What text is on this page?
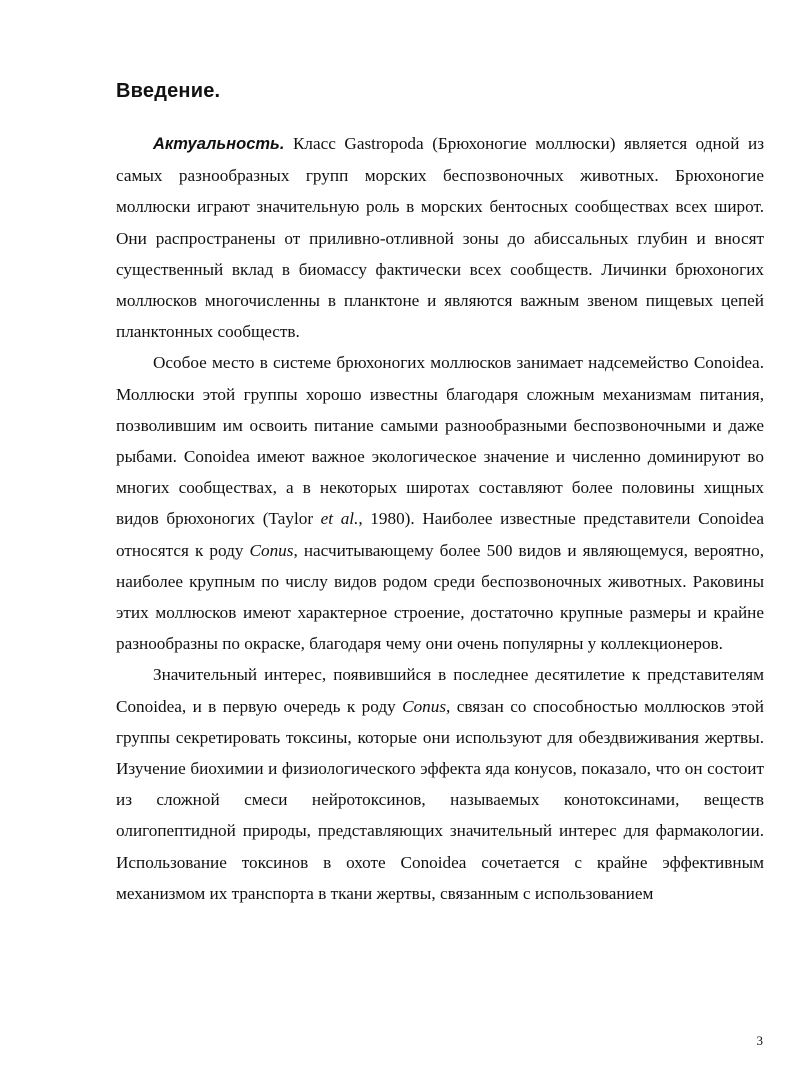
Введение.

Актуальность. Класс Gastropoda (Брюхоногие моллюски) является одной из самых разнообразных групп морских беспозвоночных животных. Брюхоногие моллюски играют значительную роль в морских бентосных сообществах всех широт. Они распространены от приливно-отливной зоны до абиссальных глубин и вносят существенный вклад в биомассу фактически всех сообществ. Личинки брюхоногих моллюсков многочисленны в планктоне и являются важным звеном пищевых цепей планктонных сообществ.

Особое место в системе брюхоногих моллюсков занимает надсемейство Conoidea. Моллюски этой группы хорошо известны благодаря сложным механизмам питания, позволившим им освоить питание самыми разнообразными беспозвоночными и даже рыбами. Conoidea имеют важное экологическое значение и численно доминируют во многих сообществах, а в некоторых широтах составляют более половины хищных видов брюхоногих (Taylor et al., 1980). Наиболее известные представители Conoidea относятся к роду Conus, насчитывающему более 500 видов и являющемуся, вероятно, наиболее крупным по числу видов родом среди беспозвоночных животных. Раковины этих моллюсков имеют характерное строение, достаточно крупные размеры и крайне разнообразны по окраске, благодаря чему они очень популярны у коллекционеров.

Значительный интерес, появившийся в последнее десятилетие к представителям Conoidea, и в первую очередь к роду Conus, связан со способностью моллюсков этой группы секретировать токсины, которые они используют для обездвиживания жертвы. Изучение биохимии и физиологического эффекта яда конусов, показало, что он состоит из сложной смеси нейротоксинов, называемых конотоксинами, веществ олигопептидной природы, представляющих значительный интерес для фармакологии. Использование токсинов в охоте Conoidea сочетается с крайне эффективным механизмом их транспорта в ткани жертвы, связанным с использованием

3
